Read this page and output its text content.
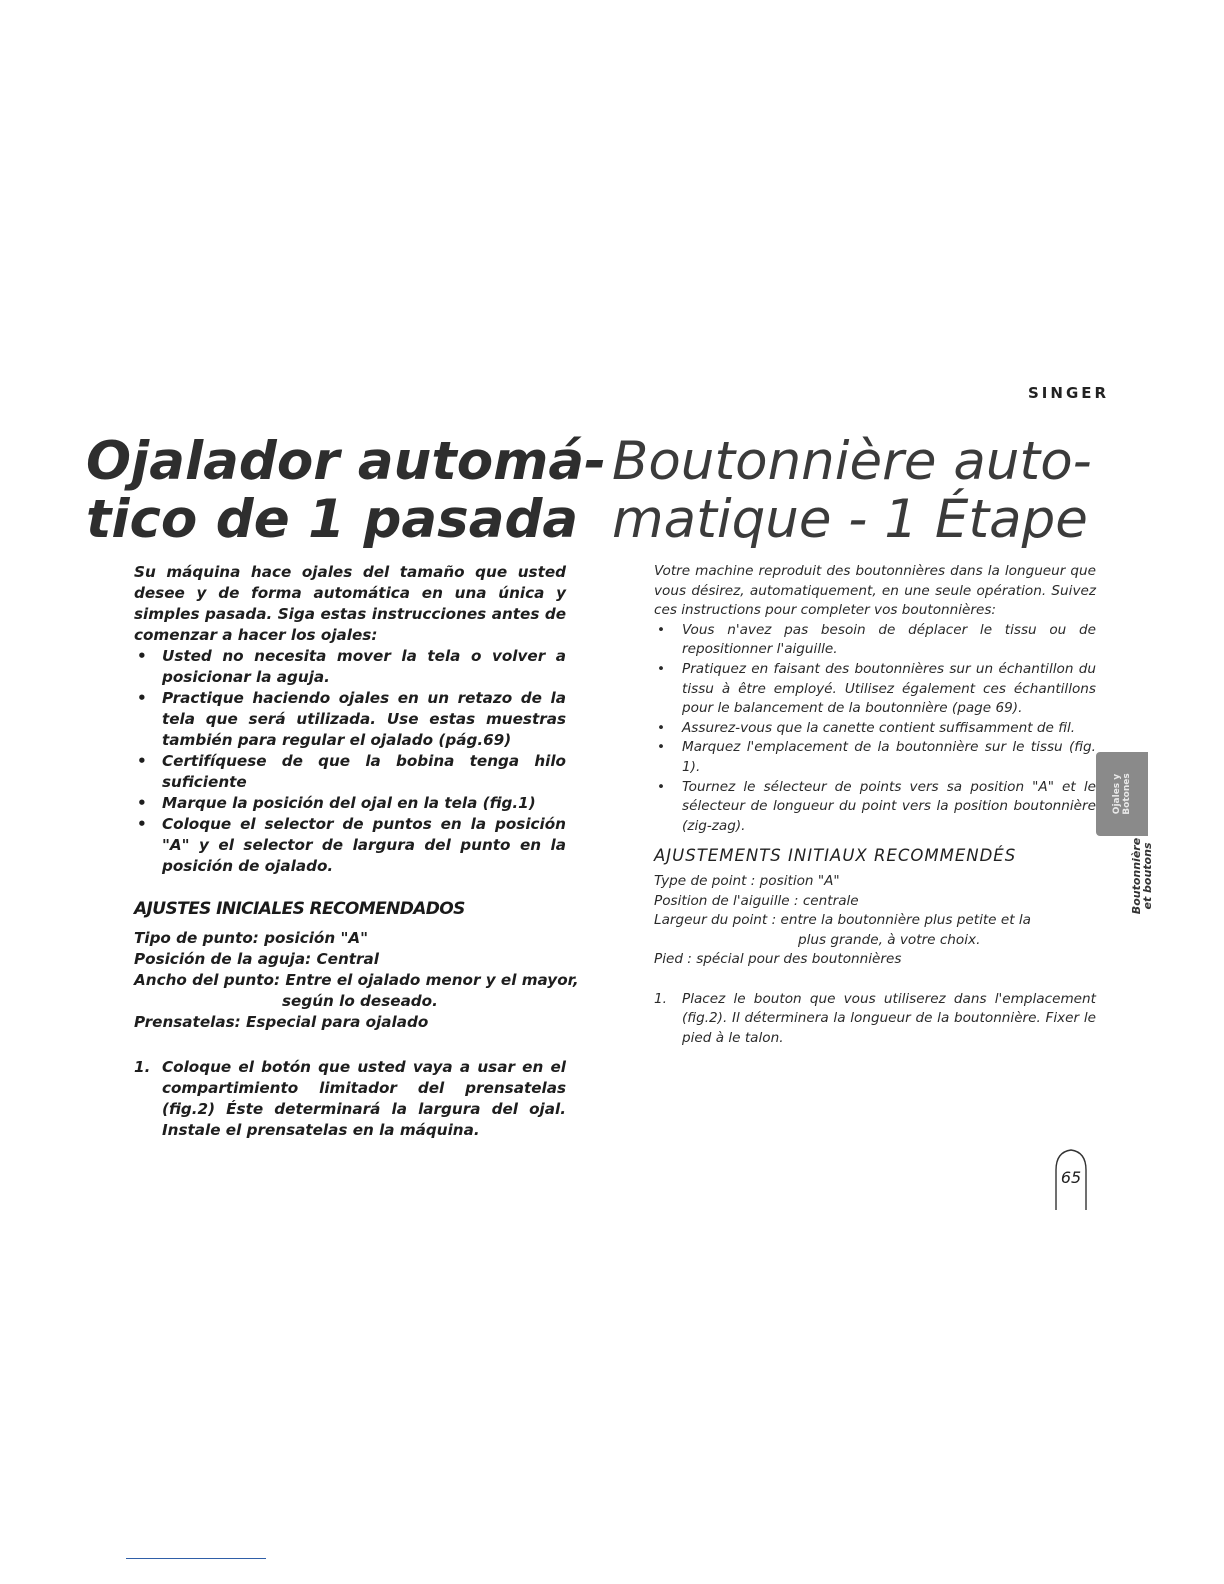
SINGER
Ojalador automá-
tico de 1 pasada
Boutonnière auto-
matique - 1 Étape

Su máquina hace ojales del tamaño que usted desee y de forma automática en una única y simples pasada. Siga estas instrucciones antes de comenzar a hacer los ojales:

• Usted no necesita mover la tela o volver a posicionar la aguja.
• Practique haciendo ojales en un retazo de la tela que será utilizada. Use estas muestras también para regular el ojalado (pág.69)
• Certifíquese de que la bobina tenga hilo suficiente
• Marque la posición del ojal en la tela (fig.1)
• Coloque el selector de puntos en la posición "A" y el selector de largura del punto en la posición de ojalado.
AJUSTES INICIALES RECOMENDADOS
Tipo de punto: posición "A"
Posición de la aguja: Central
Ancho del punto: Entre el ojalado menor y el mayor,
según lo deseado.
Prensatelas: Especial para ojalado
1. Coloque el botón que usted vaya a usar en el compartimiento limitador del prensatelas (fig.2) Éste determinará la largura del ojal. Instale el prensatelas en la máquina.

Votre machine reproduit des boutonnières dans la longueur que vous désirez, automatiquement, en une seule opération. Suivez ces instructions pour completer vos boutonnières:

• Vous n'avez pas besoin de déplacer le tissu ou de repositionner l'aiguille.
• Pratiquez en faisant des boutonnières sur un échantillon du tissu à être employé. Utilisez également ces échantillons pour le balancement de la boutonnière (page 69).
• Assurez-vous que la canette contient suffisamment de fil.
• Marquez l'emplacement de la boutonnière sur le tissu (fig. 1).
• Tournez le sélecteur de points vers sa position "A" et le sélecteur de longueur du point vers la position boutonnière (zig-zag).
AJUSTEMENTS INITIAUX RECOMMENDÉS
Type de point : position "A"
Position de l'aiguille : centrale
Largeur du point : entre la boutonnière plus petite et la
plus grande, à votre choix.
Pied : spécial pour des boutonnières
1. Placez le bouton que vous utiliserez dans l'emplacement (fig.2). Il déterminera la longueur de la boutonnière. Fixer le pied à le talon.
Ojales y Botones
Boutonnière
et boutons
65
